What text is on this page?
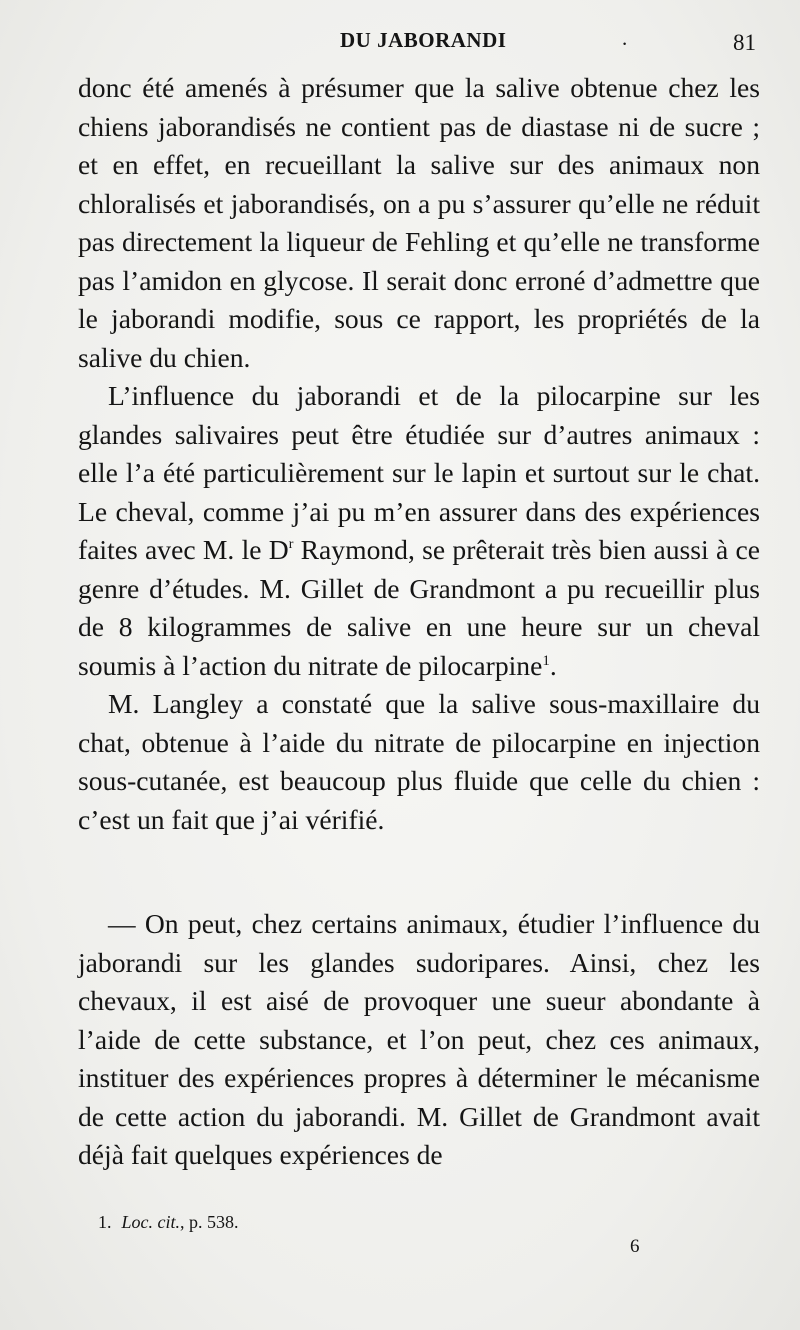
DU JABORANDI	.	81

donc été amenés à présumer que la salive obtenue chez les chiens jaborandisés ne contient pas de diastase ni de sucre ; et en effet, en recueillant la salive sur des animaux non chloralisés et jaborandisés, on a pu s’assurer qu’elle ne réduit pas directement la liqueur de Fehling et qu’elle ne transforme pas l’amidon en glycose. Il serait donc erroné d’admettre que le jaborandi modifie, sous ce rapport, les propriétés de la salive du chien.

L’influence du jaborandi et de la pilocarpine sur les glandes salivaires peut être étudiée sur d’autres animaux : elle l’a été particulièrement sur le lapin et surtout sur le chat. Le cheval, comme j’ai pu m’en assurer dans des expériences faites avec M. le $D^r$ Raymond, se prêterait très bien aussi à ce genre d’études. M. Gillet de Grandmont a pu recueillir plus de 8 kilogrammes de salive en une heure sur un cheval soumis à l’action du nitrate de pilocarpine$^1$.

M. Langley a constaté que la salive sous-maxillaire du chat, obtenue à l’aide du nitrate de pilocarpine en injection sous-cutanée, est beaucoup plus fluide que celle du chien : c’est un fait que j’ai vérifié.

— On peut, chez certains animaux, étudier l’influence du jaborandi sur les glandes sudoripares. Ainsi, chez les chevaux, il est aisé de provoquer une sueur abondante à l’aide de cette substance, et l’on peut, chez ces animaux, instituer des expériences propres à déterminer le mécanisme de cette action du jaborandi. M. Gillet de Grandmont avait déjà fait quelques expériences de

1. Loc. cit., p. 538.
6
